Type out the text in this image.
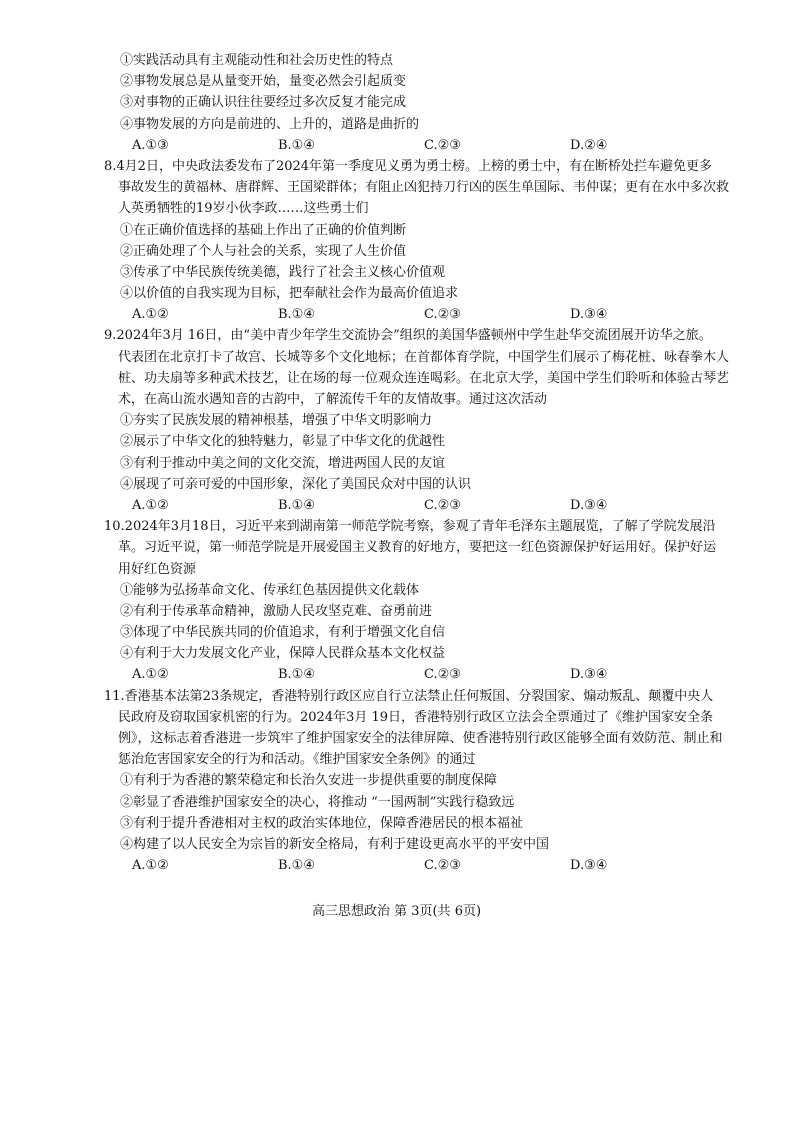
①实践活动具有主观能动性和社会历史性的特点
②事物发展总是从量变开始，量变必然会引起质变
③对事物的正确认识往往要经过多次反复才能完成
④事物发展的方向是前进的、上升的，道路是曲折的
A.①③	B.①④	C.②③	D.②④
8.4月2日，中央政法委发布了2024年第一季度见义勇为勇士榜。上榜的勇士中，有在断桥处拦车避免更多
事故发生的黄福林、唐群辉、王国梁群体；有阻止凶犯持刀行凶的医生单国际、韦仲谋；更有在水中多次救
人英勇牺牲的19岁小伙李政……这些勇士们
①在正确价值选择的基础上作出了正确的价值判断
②正确处理了个人与社会的关系，实现了人生价值
③传承了中华民族传统美德，践行了社会主义核心价值观
④以价值的自我实现为目标，把奉献社会作为最高价值追求
A.①②	B.①④	C.②③	D.③④
9.2024年3月 16日，由“美中青少年学生交流协会”组织的美国华盛顿州中学生赴华交流团展开访华之旅。
代表团在北京打卡了故宫、长城等多个文化地标；在首都体育学院，中国学生们展示了梅花桩、咏春拳木人
桩、功夫扇等多种武术技艺，让在场的每一位观众连连喝彩。在北京大学，美国中学生们聆听和体验古琴艺
术，在高山流水遇知音的古韵中，了解流传千年的友情故事。通过这次活动
①夯实了民族发展的精神根基，增强了中华文明影响力
②展示了中华文化的独特魅力，彰显了中华文化的优越性
③有利于推动中美之间的文化交流，增进两国人民的友谊
④展现了可亲可爱的中国形象，深化了美国民众对中国的认识
A.①②	B.①④	C.②③	D.③④
10.2024年3月18日，习近平来到湖南第一师范学院考察，参观了青年毛泽东主题展览，了解了学院发展沿
革。习近平说，第一师范学院是开展爱国主义教育的好地方，要把这一红色资源保护好运用好。保护好运
用好红色资源
①能够为弘扬革命文化、传承红色基因提供文化载体
②有利于传承革命精神，激励人民攻坚克难、奋勇前进
③体现了中华民族共同的价值追求，有利于增强文化自信
④有利于大力发展文化产业，保障人民群众基本文化权益
A.①②	B.①④	C.②③	D.③④
11.香港基本法第23条规定，香港特别行政区应自行立法禁止任何叛国、分裂国家、煽动叛乱、颠覆中央人
民政府及窃取国家机密的行为。2024年3月 19日，香港特别行政区立法会全票通过了《维护国家安全条
例》，这标志着香港进一步筑牢了维护国家安全的法律屏障、使香港特别行政区能够全面有效防范、制止和
惩治危害国家安全的行为和活动。《维护国家安全条例》的通过
①有利于为香港的繁荣稳定和长治久安进一步提供重要的制度保障
②彰显了香港维护国家安全的决心，将推动 “一国两制”实践行稳致远
③有利于提升香港相对主权的政治实体地位，保障香港居民的根本福祉
④构建了以人民安全为宗旨的新安全格局，有利于建设更高水平的平安中国
A.①②	B.①④	C.②③	D.③④
高三思想政治 第 3页(共 6页)
